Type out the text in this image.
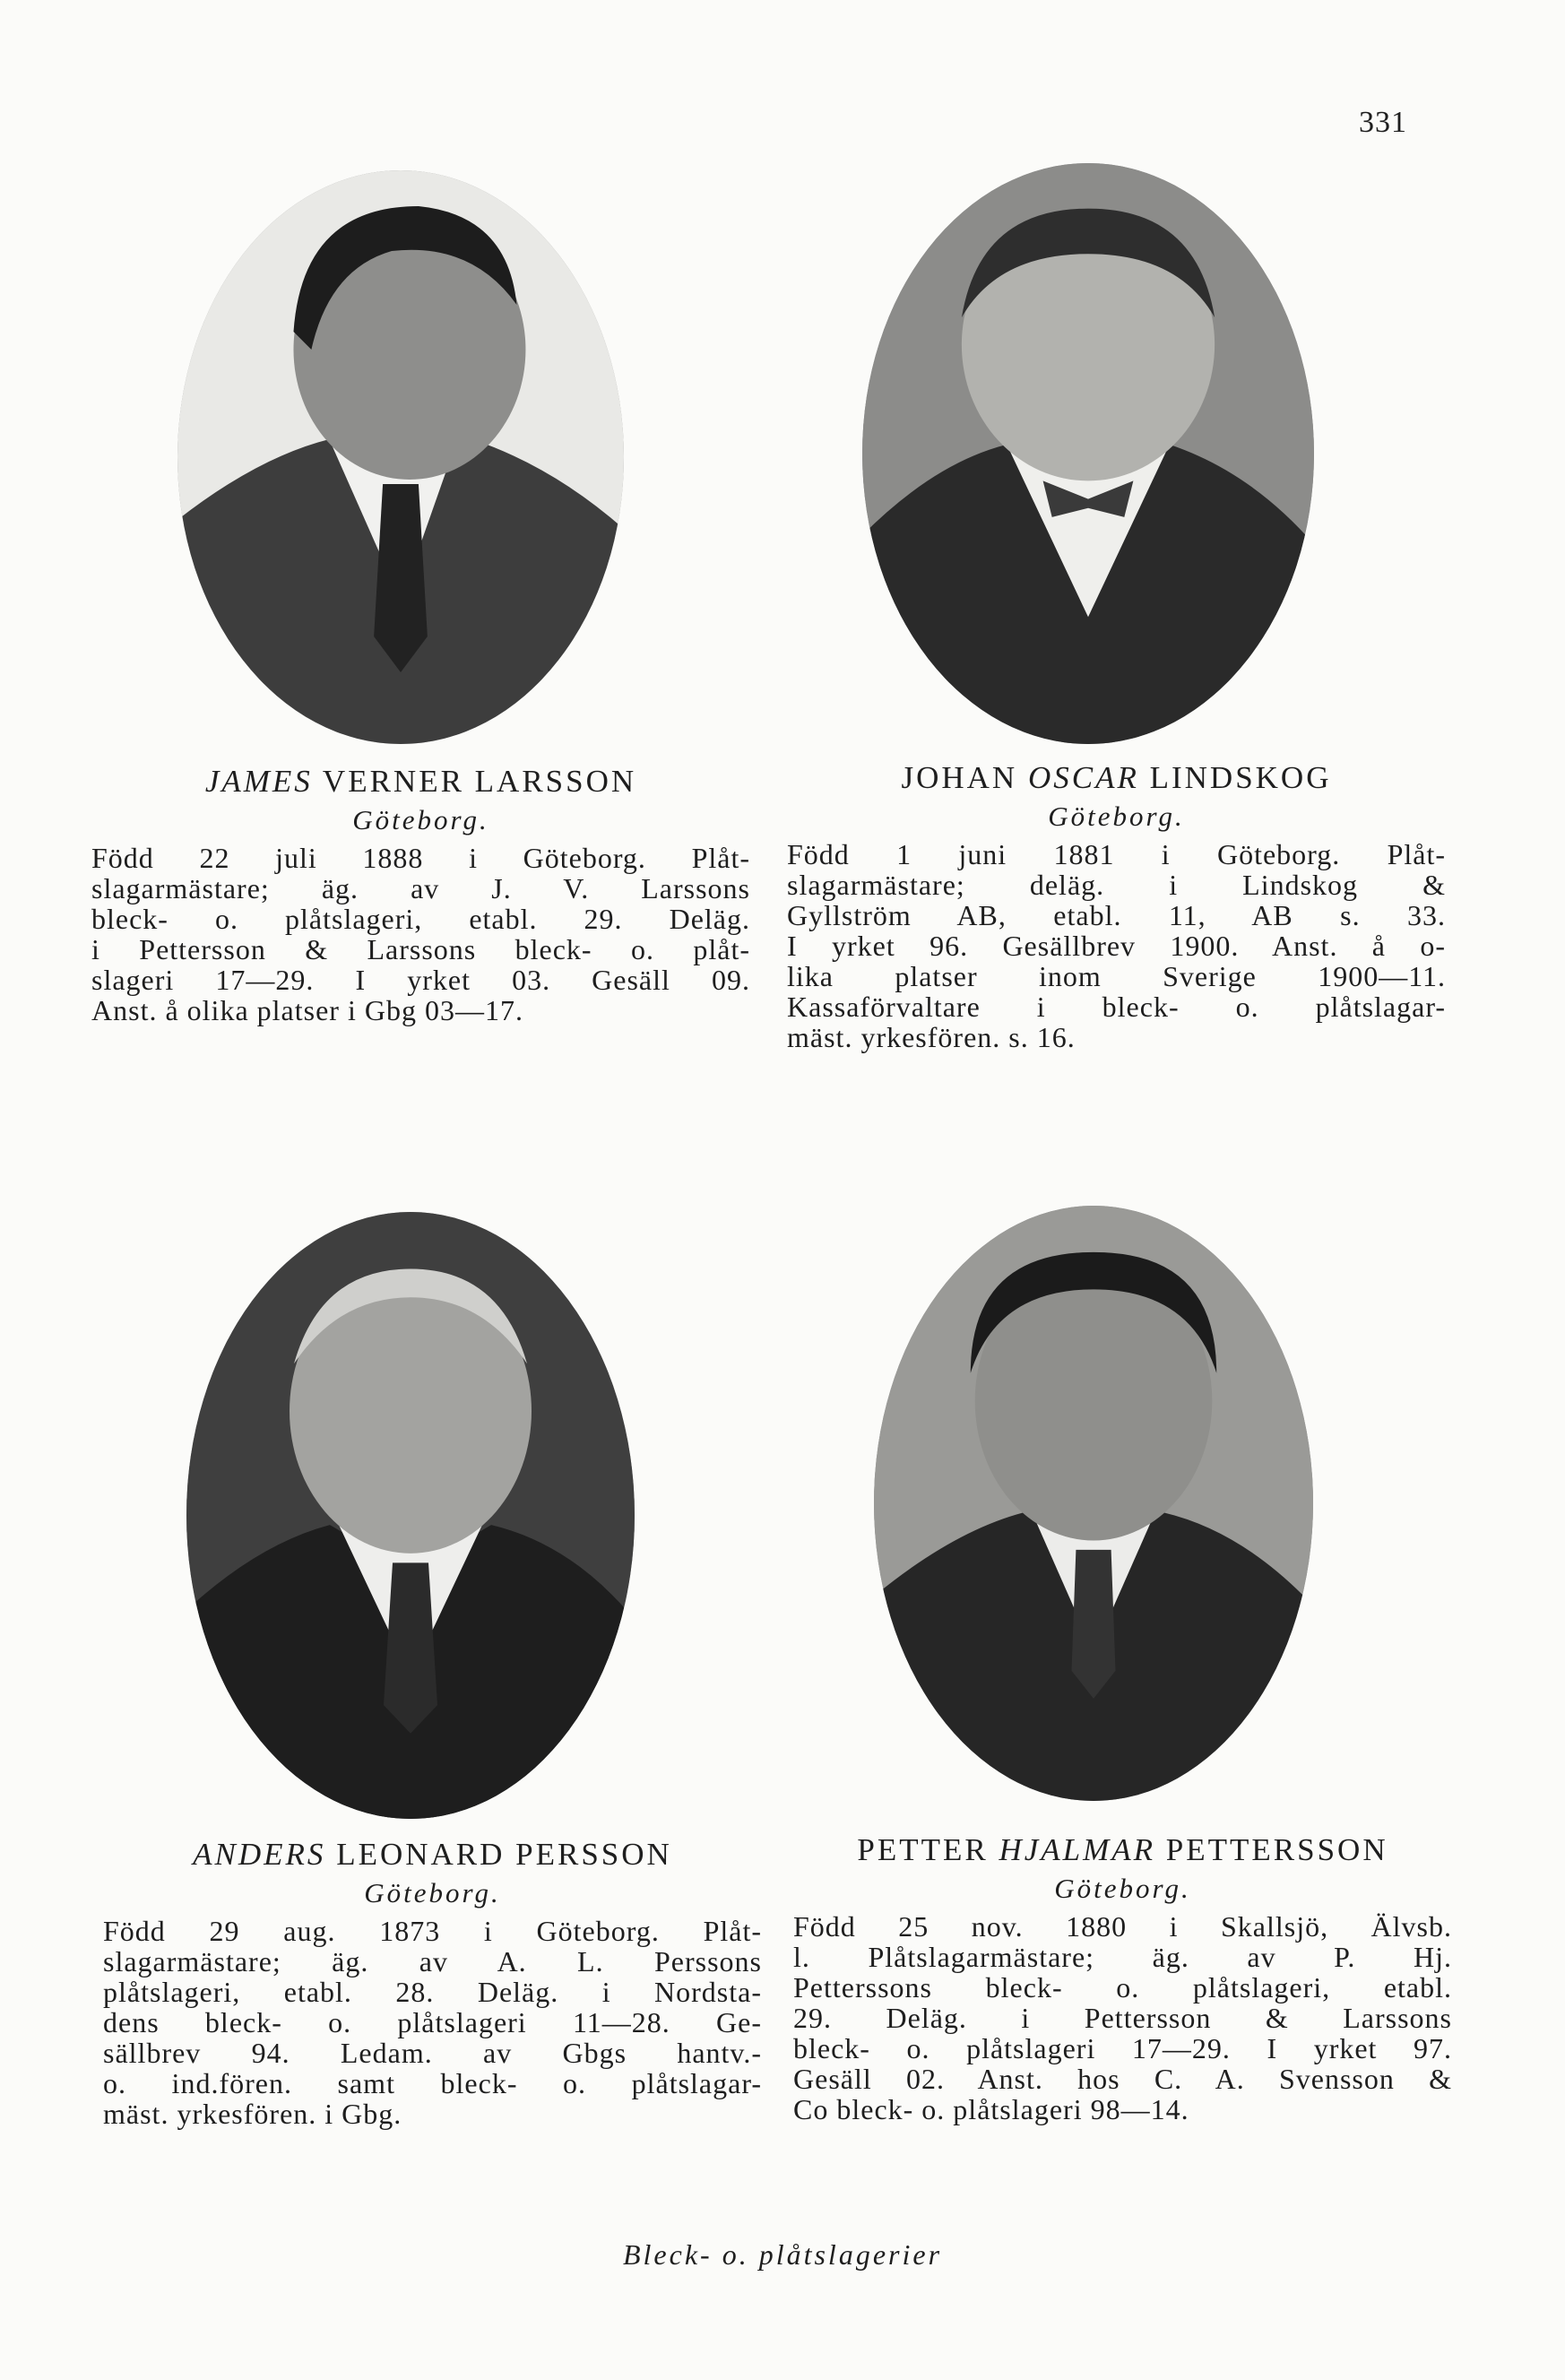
331
JAMES VERNER LARSSON
Göteborg.
Född 22 juli 1888 i Göteborg. Plåt-
slagarmästare; äg. av J. V. Larssons
bleck- o. plåtslageri, etabl. 29. Deläg.
i Pettersson & Larssons bleck- o. plåt-
slageri 17—29. I yrket 03. Gesäll 09.
Anst. å olika platser i Gbg 03—17.
JOHAN OSCAR LINDSKOG
Göteborg.
Född 1 juni 1881 i Göteborg. Plåt-
slagarmästare; deläg. i Lindskog &
Gyllström AB, etabl. 11, AB s. 33.
I yrket 96. Gesällbrev 1900. Anst. å o-
lika platser inom Sverige 1900—11.
Kassaförvaltare i bleck- o. plåtslagar-
mäst. yrkesfören. s. 16.
ANDERS LEONARD PERSSON
Göteborg.
Född 29 aug. 1873 i Göteborg. Plåt-
slagarmästare; äg. av A. L. Perssons
plåtslageri, etabl. 28. Deläg. i Nordsta-
dens bleck- o. plåtslageri 11—28. Ge-
sällbrev 94. Ledam. av Gbgs hantv.-
o. ind.fören. samt bleck- o. plåtslagar-
mäst. yrkesfören. i Gbg.
PETTER HJALMAR PETTERSSON
Göteborg.
Född 25 nov. 1880 i Skallsjö, Älvsb.
l. Plåtslagarmästare; äg. av P. Hj.
Petterssons bleck- o. plåtslageri, etabl.
29. Deläg. i Pettersson & Larssons
bleck- o. plåtslageri 17—29. I yrket 97.
Gesäll 02. Anst. hos C. A. Svensson &
Co bleck- o. plåtslageri 98—14.
Bleck- o. plåtslagerier
